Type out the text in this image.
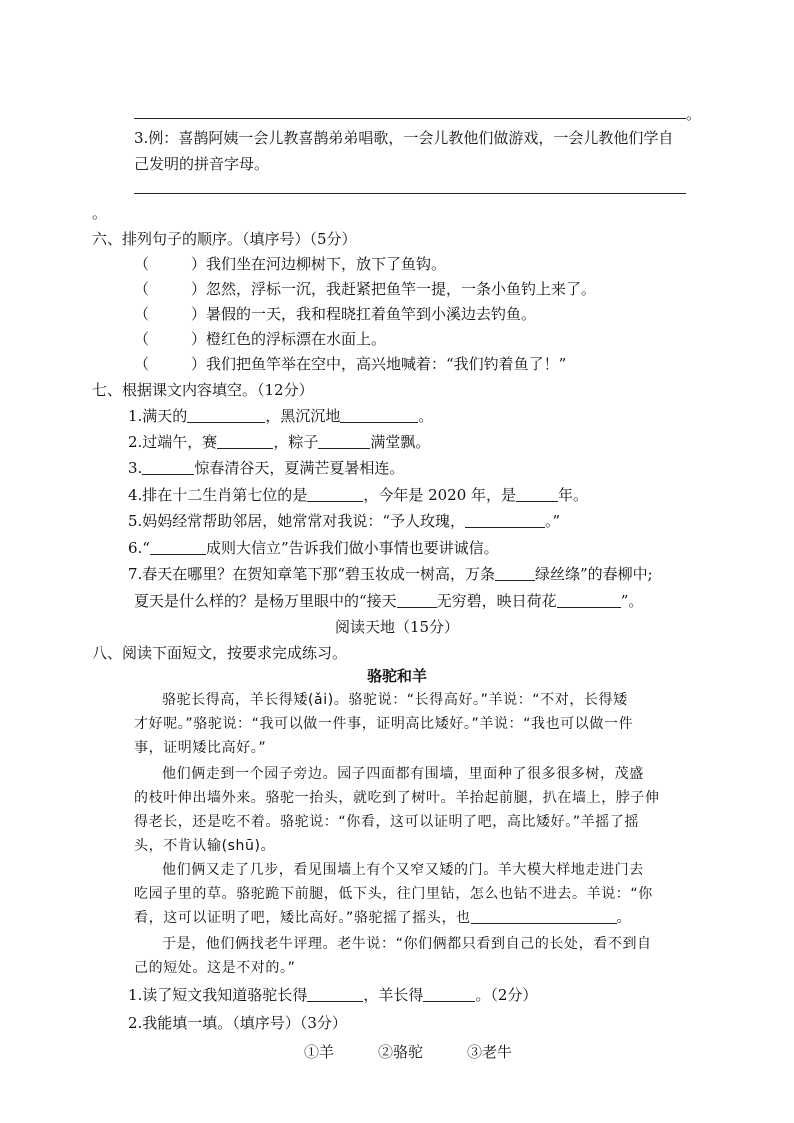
。
3.例：喜鹊阿姨一会儿教喜鹊弟弟唱歌，一会儿教他们做游戏，一会儿教他们学自
己发明的拼音字母。
。
六、排列句子的顺序。（填序号）（5分）
（	）我们坐在河边柳树下，放下了鱼钩。
（	）忽然，浮标一沉，我赶紧把鱼竿一提，一条小鱼钓上来了。
（	）暑假的一天，我和程晓扛着鱼竿到小溪边去钓鱼。
（	）橙红色的浮标漂在水面上。
（	）我们把鱼竿举在空中，高兴地喊着：“我们钓着鱼了！”
七、根据课文内容填空。（12分）
1.满天的	，黑沉沉地	。
2.过端午，赛	，粽子	满堂飘。
3.	惊春清谷天，夏满芒夏暑相连。
4.排在十二生肖第七位的是	，今年是 2020 年，是	年。
5.妈妈经常帮助邻居，她常常对我说：“予人玫瑰，	。”
6.“	成则大信立”告诉我们做小事情也要讲诚信。
7.春天在哪里？在贺知章笔下那“碧玉妆成一树高，万条	绿丝绦”的春柳中;
夏天是什么样的？是杨万里眼中的“接天	无穷碧，映日荷花	”。
阅读天地（15分）
八、阅读下面短文，按要求完成练习。
骆驼和羊
骆驼长得高，羊长得矮(ǎi)。骆驼说：“长得高好。”羊说：“不对，长得矮
才好呢。”骆驼说：“我可以做一件事，证明高比矮好。”羊说：“我也可以做一件
事，证明矮比高好。”
他们俩走到一个园子旁边。园子四面都有围墙，里面种了很多很多树，茂盛
的枝叶伸出墙外来。骆驼一抬头，就吃到了树叶。羊抬起前腿，扒在墙上，脖子伸
得老长，还是吃不着。骆驼说：“你看，这可以证明了吧，高比矮好。”羊摇了摇
头，不肯认输(shū)。
他们俩又走了几步，看见围墙上有个又窄又矮的门。羊大模大样地走进门去
吃园子里的草。骆驼跪下前腿，低下头，往门里钻，怎么也钻不进去。羊说：“你
看，这可以证明了吧，矮比高好。”骆驼摇了摇头，也	。
于是，他们俩找老牛评理。老牛说：“你们俩都只看到自己的长处，看不到自
己的短处。这是不对的。”
1.读了短文我知道骆驼长得	，羊长得	。（2分）
2.我能填一填。（填序号）（3分）
①羊	②骆驼	③老牛
